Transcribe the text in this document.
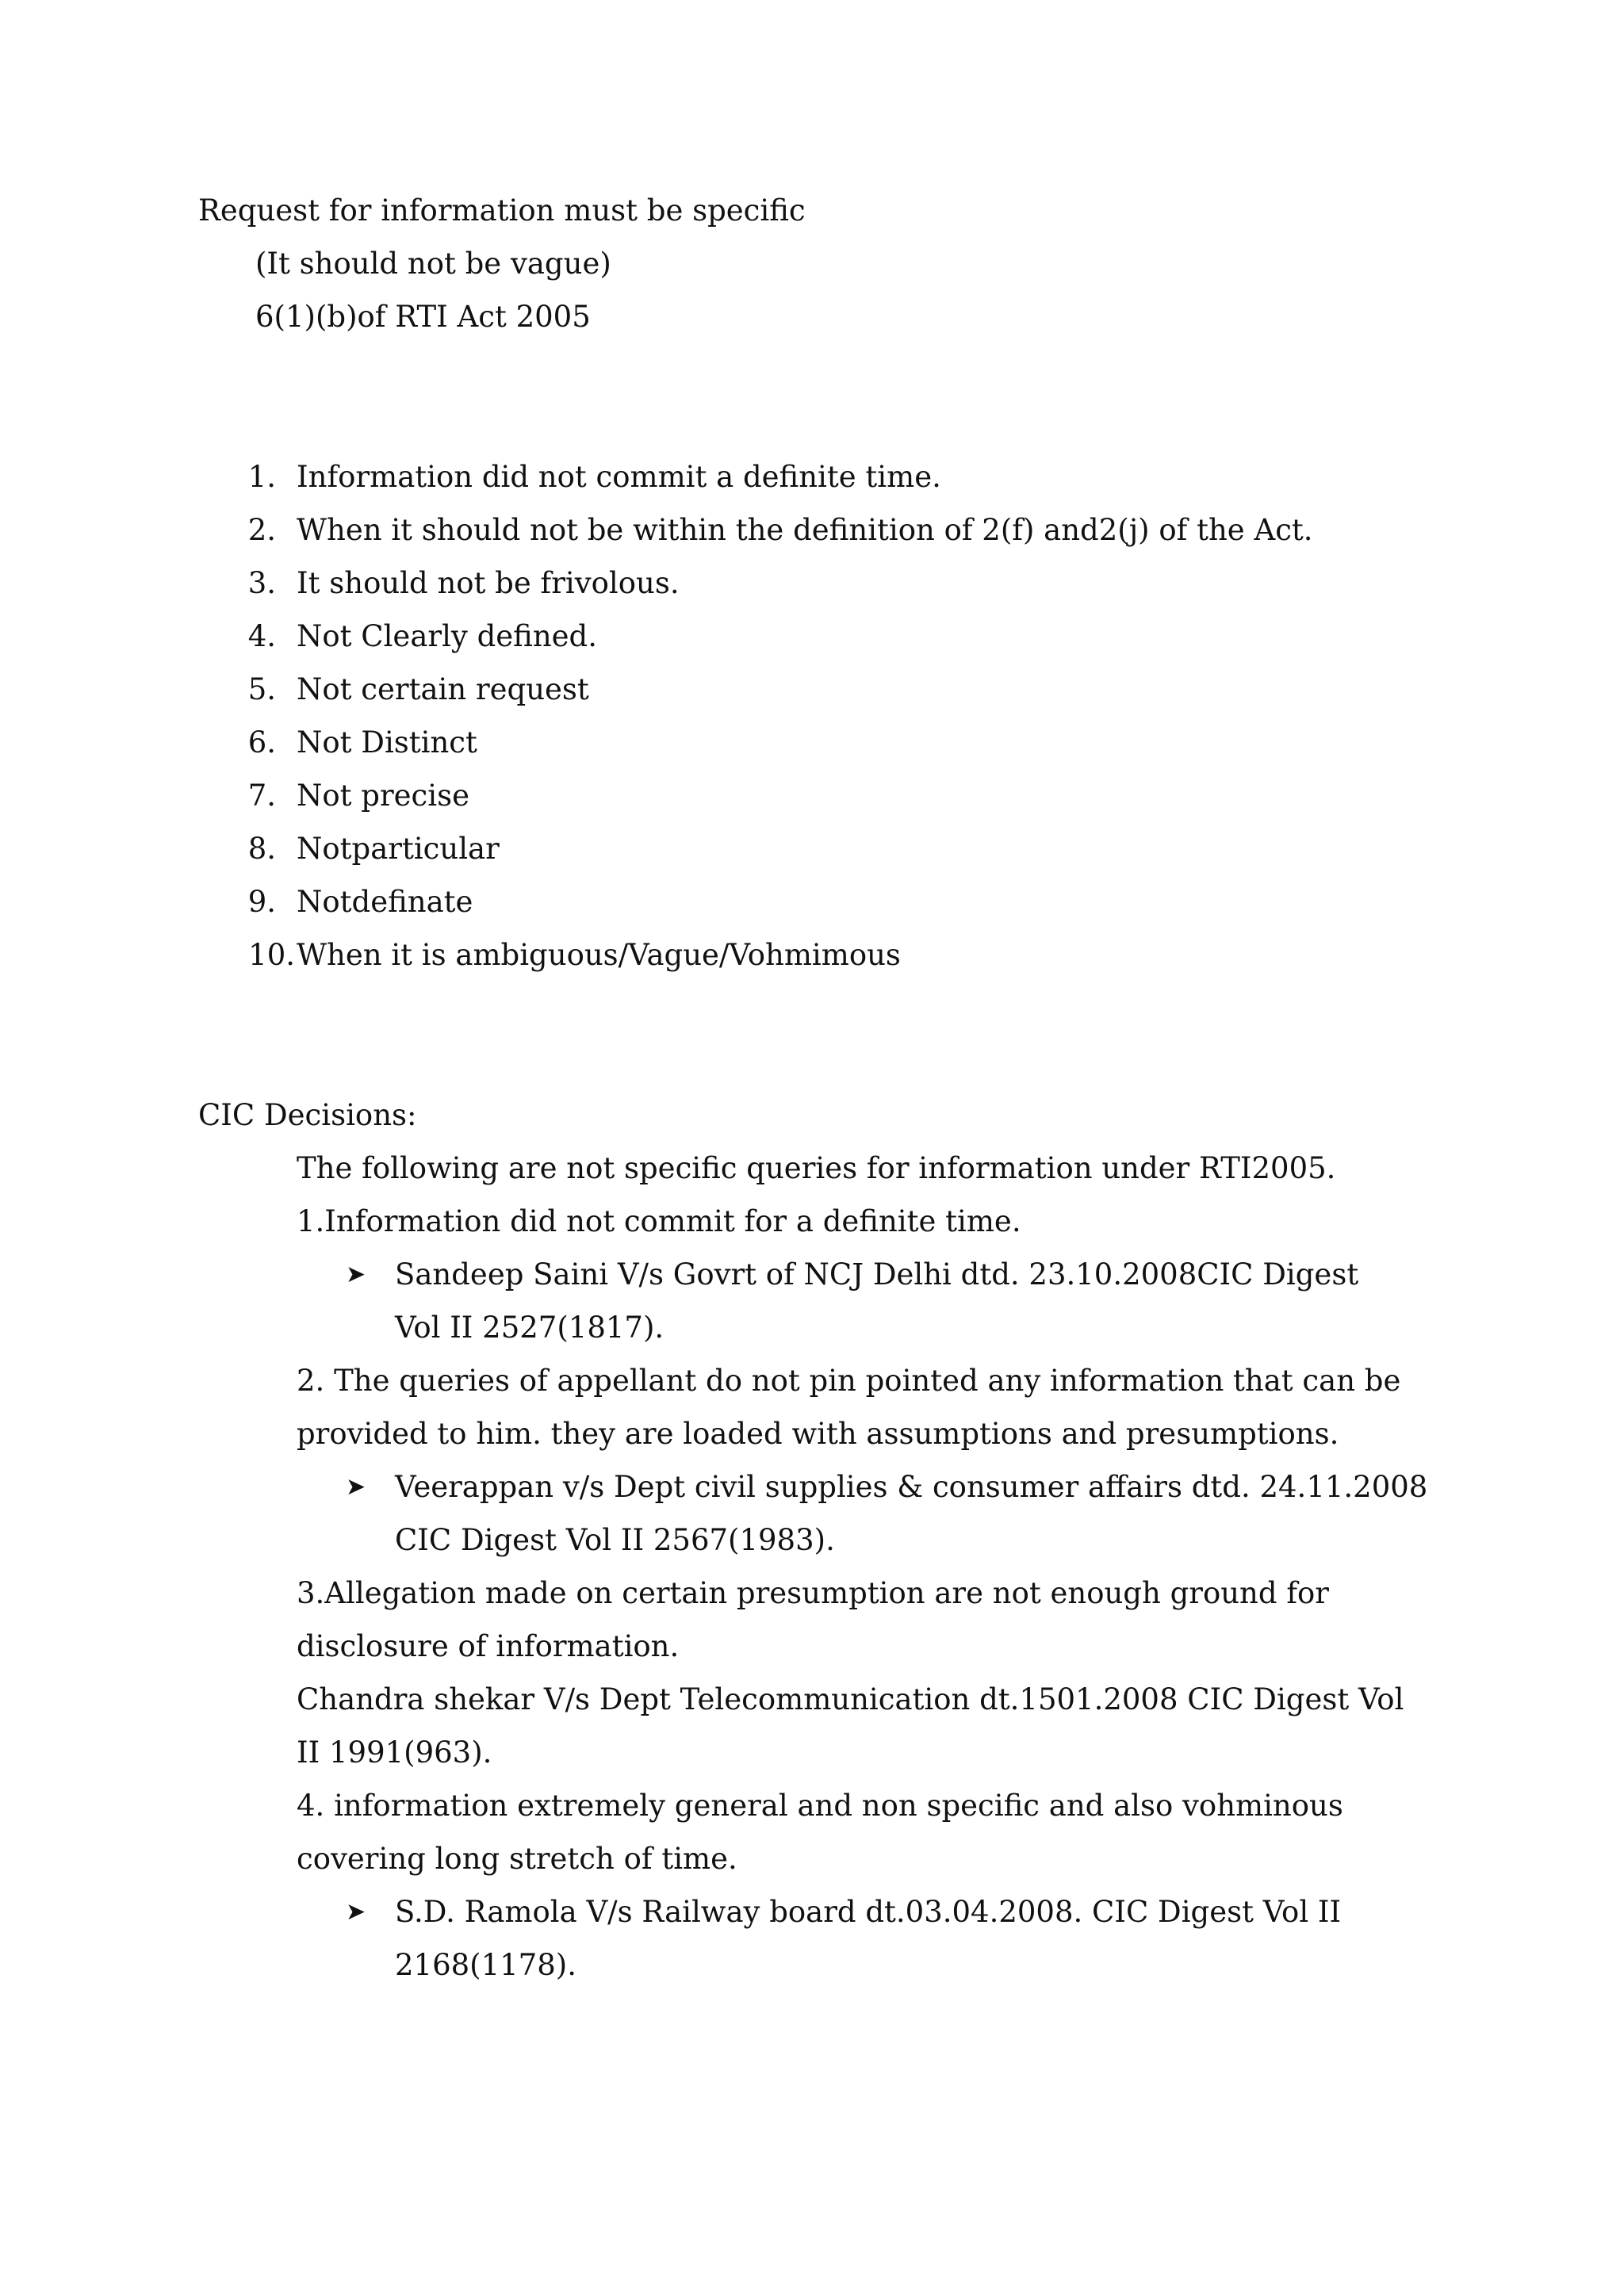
Request for information must be specific
(It should not be vague)
6(1)(b)of RTI Act 2005
1. Information did not commit a definite time.
2. When it should not be within the definition of 2(f) and2(j) of the Act.
3. It should not be frivolous.
4. Not Clearly defined.
5. Not certain request
6. Not Distinct
7. Not precise
8. Notparticular
9. Notdefinate
10. When it is ambiguous/Vague/Vohmimous
CIC Decisions:
The following are not specific queries for information under RTI2005.
1.Information did not commit for a definite time.
➤ Sandeep Saini V/s Govrt of NCJ Delhi dtd. 23.10.2008CIC Digest
Vol II 2527(1817).
2. The queries of appellant do not pin pointed any information that can be
provided to him. they are loaded with assumptions and presumptions.
➤ Veerappan v/s Dept civil supplies & consumer affairs dtd. 24.11.2008
CIC Digest Vol II 2567(1983).
3.Allegation made on certain presumption are not enough ground for
disclosure of information.
Chandra shekar V/s Dept Telecommunication dt.1501.2008 CIC Digest Vol
II 1991(963).
4. information extremely general and non specific and also vohminous
covering long stretch of time.
➤ S.D. Ramola V/s Railway board dt.03.04.2008. CIC Digest Vol II
2168(1178).
